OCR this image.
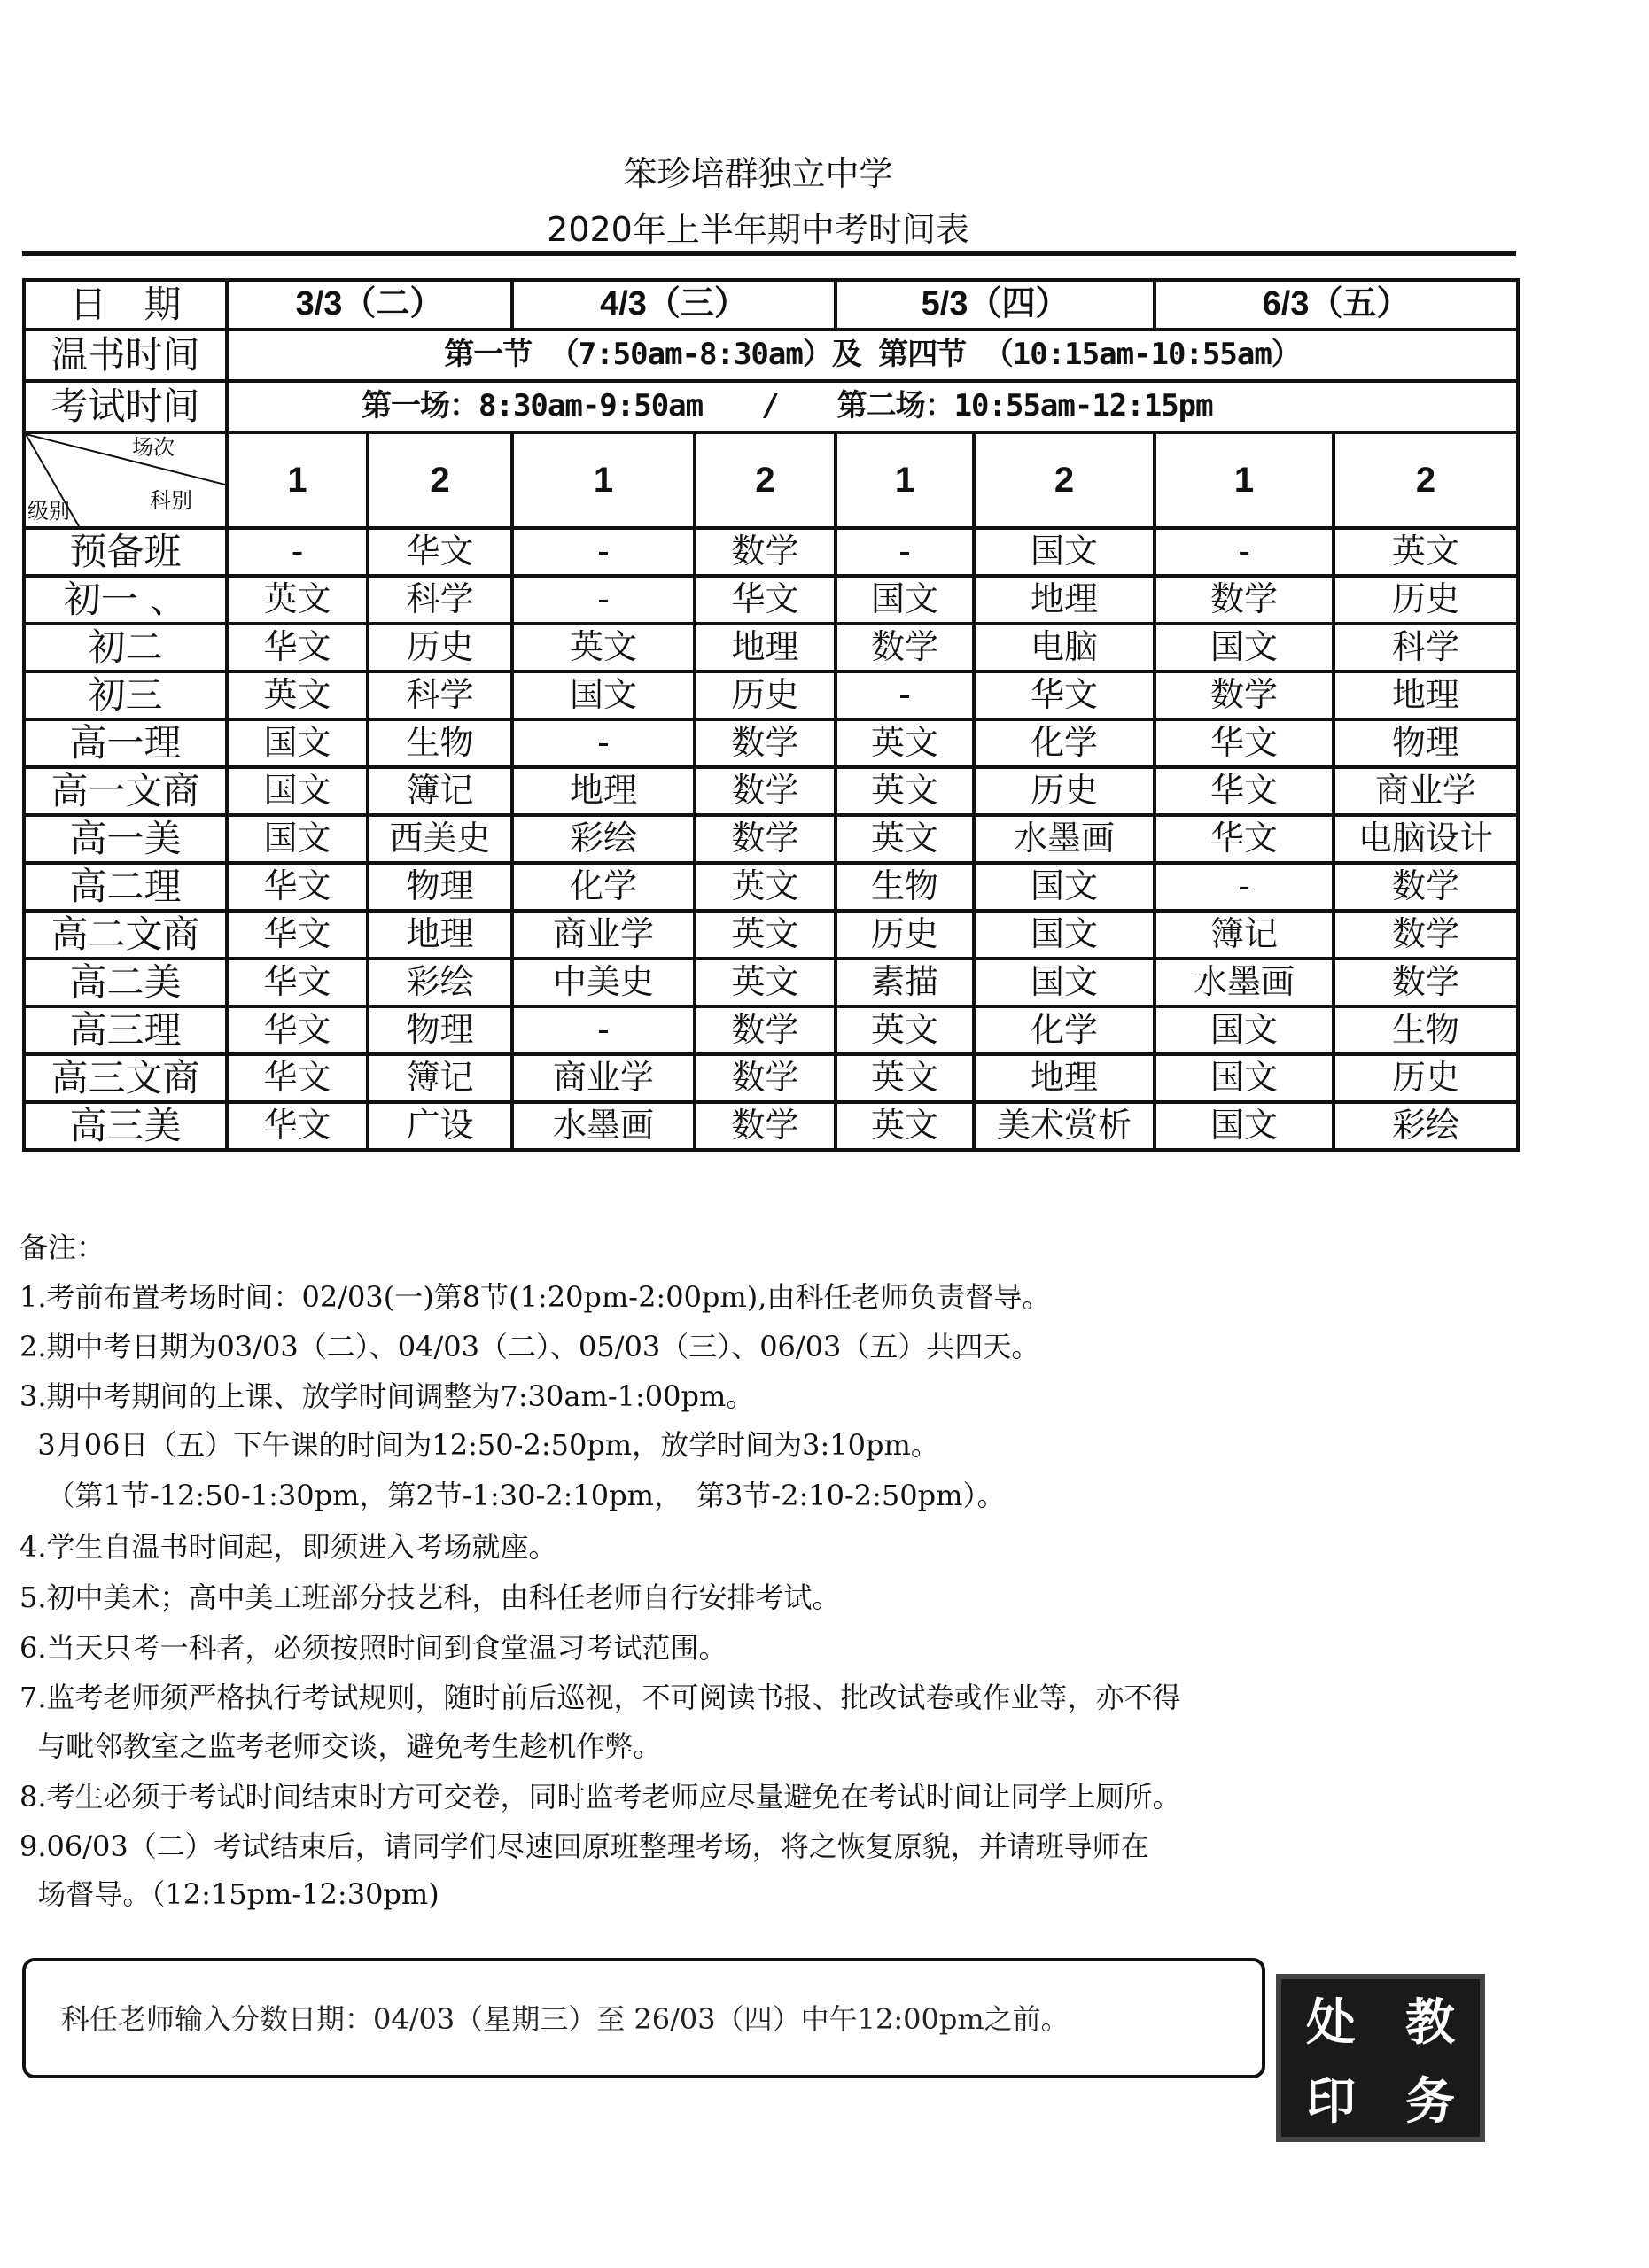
笨珍培群独立中学
2020年上半年期中考时间表
日　期	3/3（二）		4/3（三）		5/3（四）		6/3（五）	
温书时间	第一节 （7:50am-8:30am）及 第四节 （10:15am-10:55am）							
考试时间	第一场：8:30am-9:50am　　/　　第二场：10:55am-12:15pm							

场次
科别
级别	1	2	1	2	1	2	1	2
预备班	-	华文	-	数学	-	国文	-	英文
初一 、	英文	科学	-	华文	国文	地理	数学	历史
初二	华文	历史	英文	地理	数学	电脑	国文	科学
初三	英文	科学	国文	历史	-	华文	数学	地理
高一理	国文	生物	-	数学	英文	化学	华文	物理
高一文商	国文	簿记	地理	数学	英文	历史	华文	商业学
高一美	国文	西美史	彩绘	数学	英文	水墨画	华文	电脑设计
高二理	华文	物理	化学	英文	生物	国文	-	数学
高二文商	华文	地理	商业学	英文	历史	国文	簿记	数学
高二美	华文	彩绘	中美史	英文	素描	国文	水墨画	数学
高三理	华文	物理	-	数学	英文	化学	国文	生物
高三文商	华文	簿记	商业学	数学	英文	地理	国文	历史
高三美	华文	广设	水墨画	数学	英文	美术赏析	国文	彩绘
备注：
1.考前布置考场时间：02/03(一)第8节(1:20pm-2:00pm),由科任老师负责督导。
2.期中考日期为03/03（二）、04/03（二）、05/03（三）、06/03（五）共四天。
3.期中考期间的上课、放学时间调整为7:30am-1:00pm。
3月06日（五）下午课的时间为12:50-2:50pm，放学时间为3:10pm。
（第1节-12:50-1:30pm，第2节-1:30-2:10pm，　第3节-2:10-2:50pm）。
4.学生自温书时间起，即须进入考场就座。
5.初中美术；高中美工班部分技艺科，由科任老师自行安排考试。
6.当天只考一科者，必须按照时间到食堂温习考试范围。
7.监考老师须严格执行考试规则，随时前后巡视，不可阅读书报、批改试卷或作业等，亦不得
与毗邻教室之监考老师交谈，避免考生趁机作弊。
8.考生必须于考试时间结束时方可交卷，同时监考老师应尽量避免在考试时间让同学上厕所。
9.06/03（二）考试结束后，请同学们尽速回原班整理考场，将之恢复原貌，并请班导师在
场督导。（12:15pm-12:30pm)
科任老师输入分数日期：04/03（星期三）至 26/03（四）中午12:00pm之前。	处 教
印 务
